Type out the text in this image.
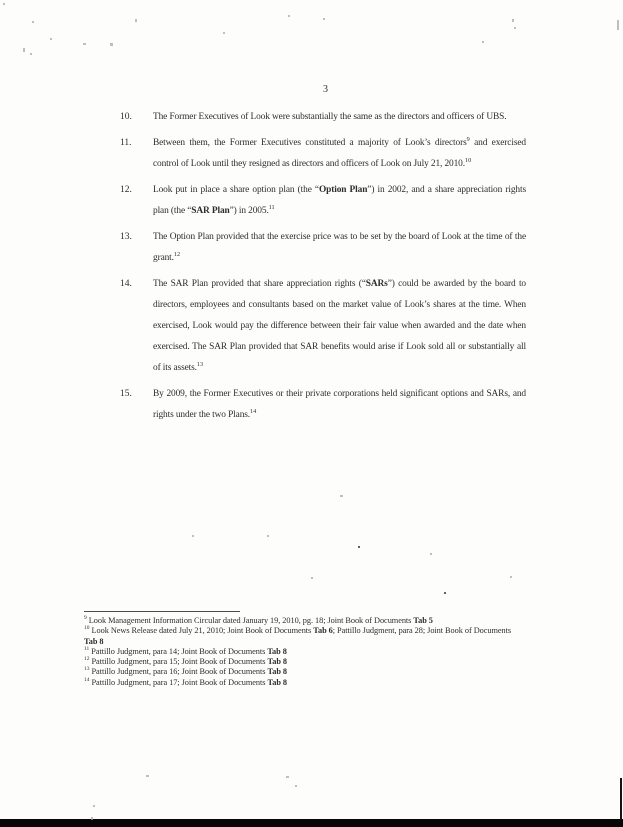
3
10.	The Former Executives of Look were substantially the same as the directors and officers of UBS.
11.	Between them, the Former Executives constituted a majority of Look’s directors$^9$ and exercised control of Look until they resigned as directors and officers of Look on July 21, 2010.10
12.	Look put in place a share option plan (the “Option Plan”) in 2002, and a share appreciation rights plan (the “SAR Plan”) in 2005.11
13.	The Option Plan provided that the exercise price was to be set by the board of Look at the time of the grant.$^{12}$
14.	The SAR Plan provided that share appreciation rights (“SARs”) could be awarded by the board to directors, employees and consultants based on the market value of Look’s shares at the time. When exercised, Look would pay the difference between their fair value when awarded and the date when exercised. The SAR Plan provided that SAR benefits would arise if Look sold all or substantially all of its assets.$^{13}$
15.	By 2009, the Former Executives or their private corporations held significant options and SARs, and rights under the two Plans.$^{14}$
$^9$ Look Management Information Circular dated January 19, 2010, pg. 18; Joint Book of Documents Tab 5
$^{10}$ Look News Release dated July 21, 2010; Joint Book of Documents Tab 6; Pattillo Judgment, para 28; Joint Book of Documents Tab 8
$^{11}$ Pattillo Judgment, para 14; Joint Book of Documents Tab 8
$^{12}$ Pattillo Judgment, para 15; Joint Book of Documents Tab 8
$^{13}$ Pattillo Judgment, para 16; Joint Book of Documents Tab 8
$^{14}$ Pattillo Judgment, para 17; Joint Book of Documents Tab 8
